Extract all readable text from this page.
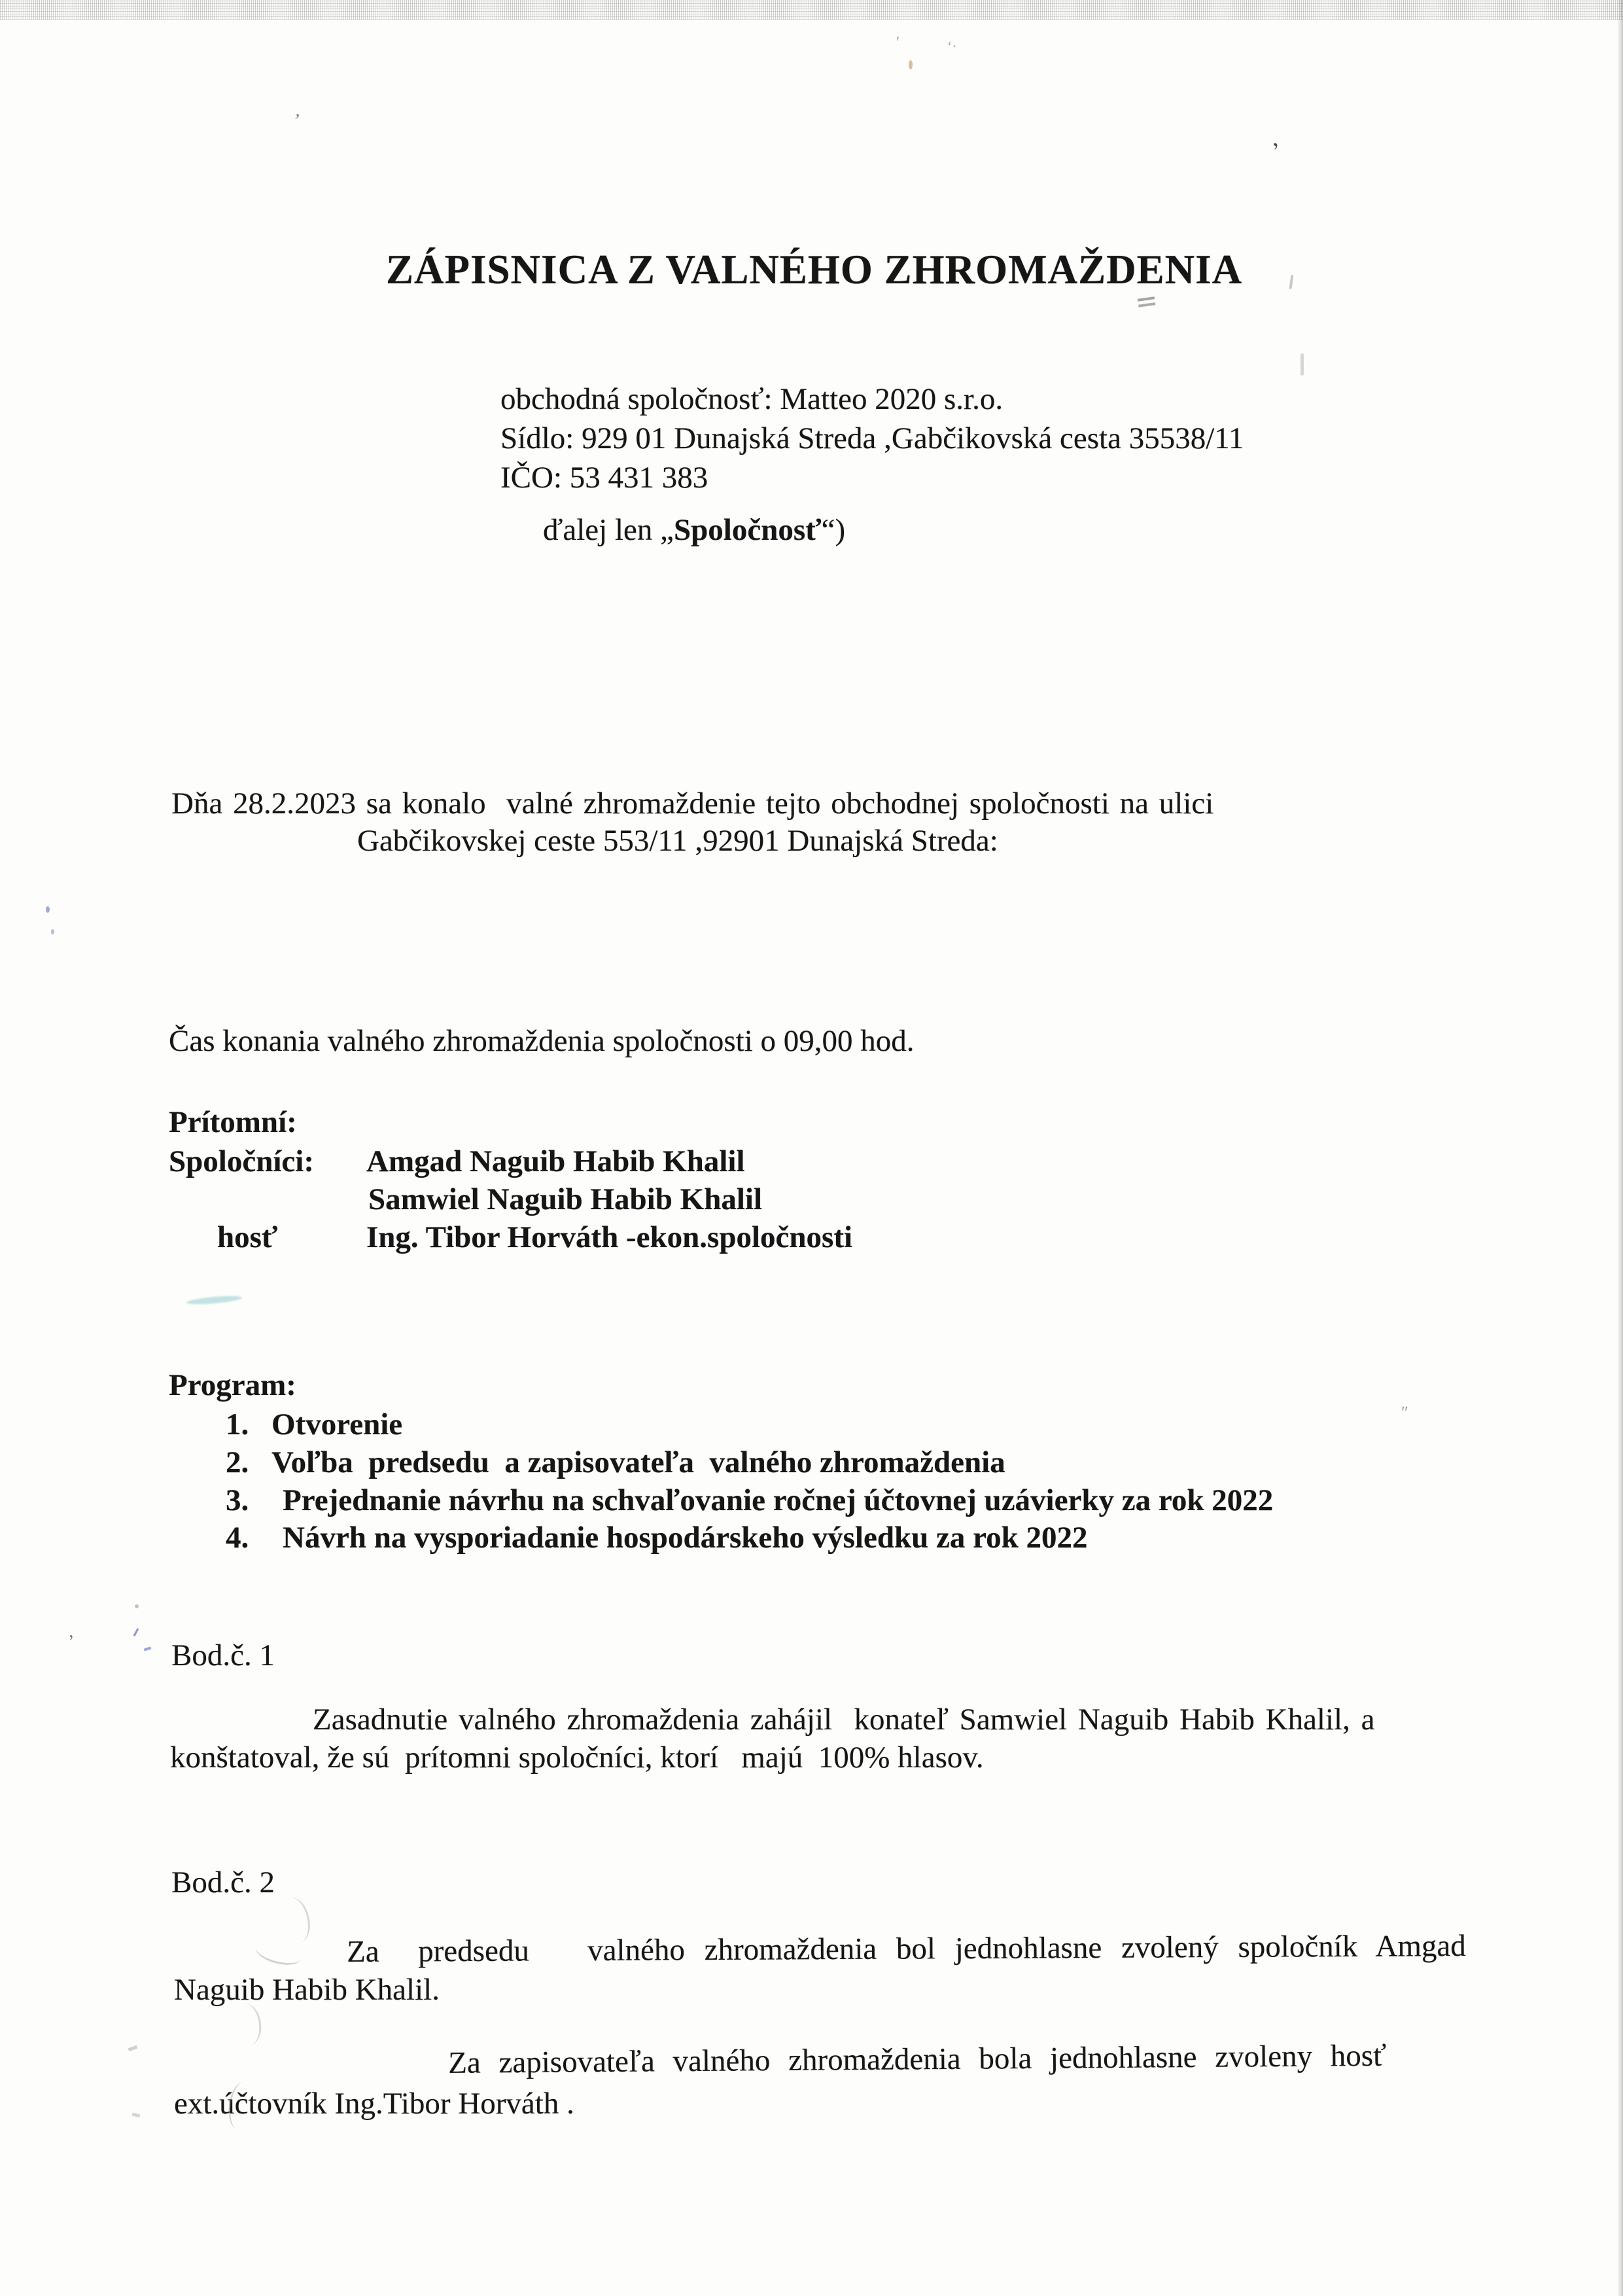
ZÁPISNICA Z VALNÉHO ZHROMAŽDENIA
obchodná spoločnosť: Matteo 2020 s.r.o.
Sídlo: 929 01 Dunajská Streda ,Gabčikovská cesta 35538/11
IČO: 53 431 383
ďalej len „Spoločnosť“)
Dňa 28.2.2023 sa konalo  valné zhromaždenie tejto obchodnej spoločnosti na ulici
Gabčikovskej ceste 553/11 ,92901 Dunajská Streda:
Čas konania valného zhromaždenia spoločnosti o 09,00 hod.
Prítomní:
Spoločníci: Amgad Naguib Habib Khalil
Samwiel Naguib Habib Khalil
hosť	Ing. Tibor Horváth -ekon.spoločnosti
Program:
1. Otvorenie
2. Voľba  predsedu  a zapisovateľa  valného zhromaždenia
3. Prejednanie návrhu na schvaľovanie ročnej účtovnej uzávierky za rok 2022
4. Návrh na vysporiadanie hospodárskeho výsledku za rok 2022
Bod.č. 1
Zasadnutie valného zhromaždenia zahájil  konateľ Samwiel Naguib Habib Khalil, a
konštatoval, že sú  prítomni spoločníci, ktorí   majú  100% hlasov.
Bod.č. 2
Za  predsedu   valného zhromaždenia bol jednohlasne zvolený spoločník Amgad
Naguib Habib Khalil.
Za zapisovateľa valného zhromaždenia bola jednohlasne zvoleny hosť
ext.účtovník Ing.Tibor Horváth .
ʼ
ʹ	ʻ·
,
ʺ
,
